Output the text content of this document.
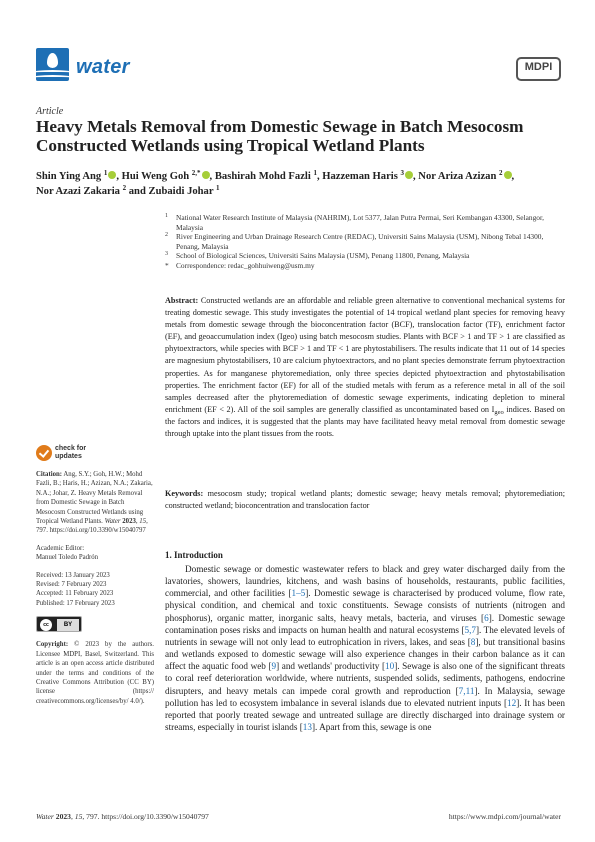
water	MDPI
Article
Heavy Metals Removal from Domestic Sewage in Batch Mesocosm Constructed Wetlands using Tropical Wetland Plants
Shin Ying Ang $^1$ , Hui Weng Goh $^{2,*}$ , Bashirah Mohd Fazli $^1$, Hazzeman Haris $^3$ , Nor Ariza Azizan $^2$ ,
Nor Azazi Zakaria $^2$ and Zubaidi Johar $^1$
1 National Water Research Institute of Malaysia (NAHRIM), Lot 5377, Jalan Putra Permai, Seri Kembangan 43300, Selangor, Malaysia
2 River Engineering and Urban Drainage Research Centre (REDAC), Universiti Sains Malaysia (USM), Nibong Tebal 14300, Penang, Malaysia
3 School of Biological Sciences, Universiti Sains Malaysia (USM), Penang 11800, Penang, Malaysia
* Correspondence: redac_gohhuiweng@usm.my
Abstract: Constructed wetlands are an affordable and reliable green alternative to conventional mechanical systems for treating domestic sewage. This study investigates the potential of 14 tropical wetland plant species for removing heavy metals from domestic sewage through the bioconcentration factor (BCF), translocation factor (TF), enrichment factor (EF), and geoaccumulation index (Igeo) using batch mesocosm studies. Plants with BCF > 1 and TF > 1 are classified as phytoextractors, while species with BCF > 1 and TF < 1 are phytostabilisers. The results indicate that 11 out of 14 species are magnesium phytostabilisers, 10 are calcium phytoextractors, and no plant species demonstrate ferrum phytoextraction properties. As for manganese phytoremediation, only three species depicted phytoextraction and phytostabilisation properties. The enrichment factor (EF) for all of the studied metals with ferum as a reference metal in all of the soil samples decreased after the phytoremediation of domestic sewage experiments, indicating depletion to mineral enrichment (EF < 2). All of the soil samples are generally classified as uncontaminated based on $I_{geo}$ indices. Based on the factors and indices, it is suggested that the plants may have facilitated heavy metal removal from domestic sewage through uptake into the plant tissues from the roots.
Keywords: mesocosm study; tropical wetland plants; domestic sewage; heavy metals removal; phytoremediation; constructed wetland; bioconcentration and translocation factor
check for
updates
Citation: Ang, S.Y.; Goh, H.W.; Mohd Fazli, B.; Haris, H.; Azizan, N.A.; Zakaria, N.A.; Johar, Z. Heavy Metals Removal from Domestic Sewage in Batch Mesocosm Constructed Wetlands using Tropical Wetland Plants. Water 2023, 15, 797. https://doi.org/10.3390/w15040797
Academic Editor:
Manuel Toledo Padrón
Received: 13 January 2023
Revised: 7 February 2023
Accepted: 11 February 2023
Published: 17 February 2023
cc	BY
Copyright: © 2023 by the authors. Licensee MDPI, Basel, Switzerland. This article is an open access article distributed under the terms and conditions of the Creative Commons Attribution (CC BY) license (https:// creativecommons.org/licenses/by/ 4.0/).
1. Introduction
Domestic sewage or domestic wastewater refers to black and grey water discharged daily from the lavatories, showers, laundries, kitchens, and wash basins of households, restaurants, public facilities, commercial, and other facilities [1–5]. Domestic sewage is characterised by produced volume, flow rate, physical condition, and chemical and toxic constituents. Sewage consists of nutrients (nitrogen and phosphorus), organic matter, inorganic salts, heavy metals, bacteria, and viruses [6]. Domestic sewage contamination poses risks and impacts on human health and natural ecosystems [5,7]. The elevated levels of nutrients in sewage will not only lead to eutrophication in rivers, lakes, and seas [8], but transitional basins and wetlands exposed to domestic sewage will also experience changes in their carbon balance as it can affect the aquatic food web [9] and wetlands' productivity [10]. Sewage is also one of the significant threats to coral reef deterioration worldwide, where nutrients, suspended solids, sediments, pathogens, endocrine disrupters, and heavy metals can impede coral growth and reproduction [7,11]. In Malaysia, sewage pollution has led to ecosystem imbalance in several islands due to elevated nutrient inputs [12]. It has been reported that poorly treated sewage and untreated sullage are directly discharged into drainage system or streams, especially in tourist islands [13]. Apart from this, sewage is one
Water 2023, 15, 797. https://doi.org/10.3390/w15040797	https://www.mdpi.com/journal/water
